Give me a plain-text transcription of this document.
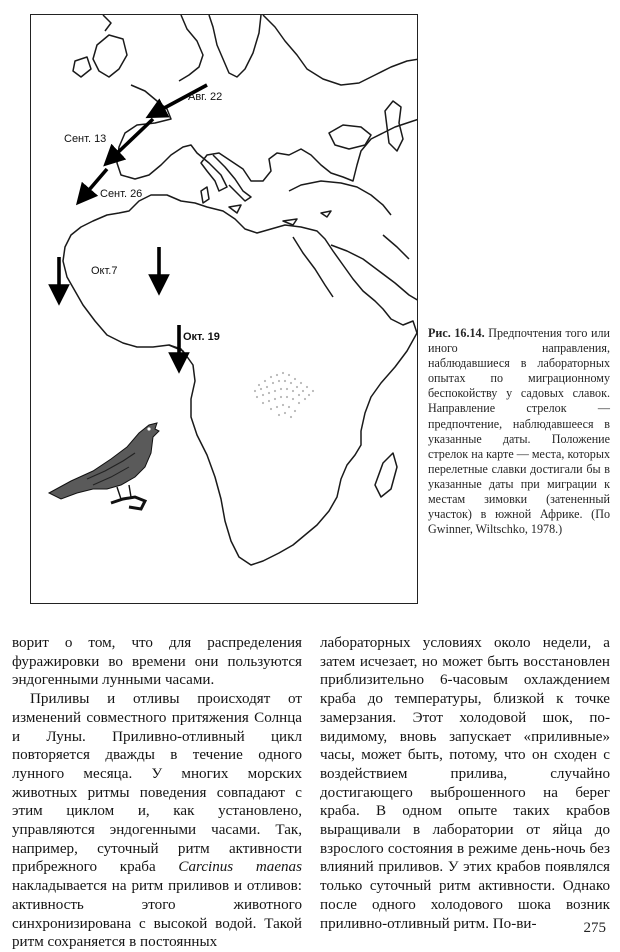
Авг. 22
Сент. 13
Сент. 26
Окт.7
Окт. 19	Рис. 16.14. Предпочтения того или иного направления, наблюдавшиеся в лабораторных опытах по миграционному беспокойству у садовых славок. Направление стрелок — предпочтение, наблюдавшееся в указанные даты. Положение стрелок на карте — места, которых перелетные славки достигали бы в указанные даты при миграции к местам зимовки (затененный участок) в южной Африке. (По Gwinner, Wiltschko, 1978.)

ворит о том, что для распределения фуражировки во времени они пользуются эндогенными лунными часами.

Приливы и отливы происходят от изменений совместного притяжения Солнца и Луны. Приливно-отливный цикл повторяется дважды в течение одного лунного месяца. У многих морских животных ритмы поведения совпадают с этим циклом и, как установлено, управляются эндогенными часами. Так, например, суточный ритм активности прибрежного краба Carcinus maenas накладывается на ритм приливов и отливов: активность этого животного синхронизирована с высокой водой. Такой ритм сохраняется в постоянных

лабораторных условиях около недели, а затем исчезает, но может быть восстановлен приблизительно 6-часовым охлаждением краба до температуры, близкой к точке замерзания. Этот холодовой шок, по-видимому, вновь запускает «приливные» часы, может быть, потому, что он сходен с воздействием прилива, случайно достигающего выброшенного на берег краба. В одном опыте таких крабов выращивали в лаборатории от яйца до взрослого состояния в режиме день-ночь без влияний приливов. У этих крабов появлялся только суточный ритм активности. Однако после одного холодового шока возник приливно-отливный ритм. По-ви-	275
